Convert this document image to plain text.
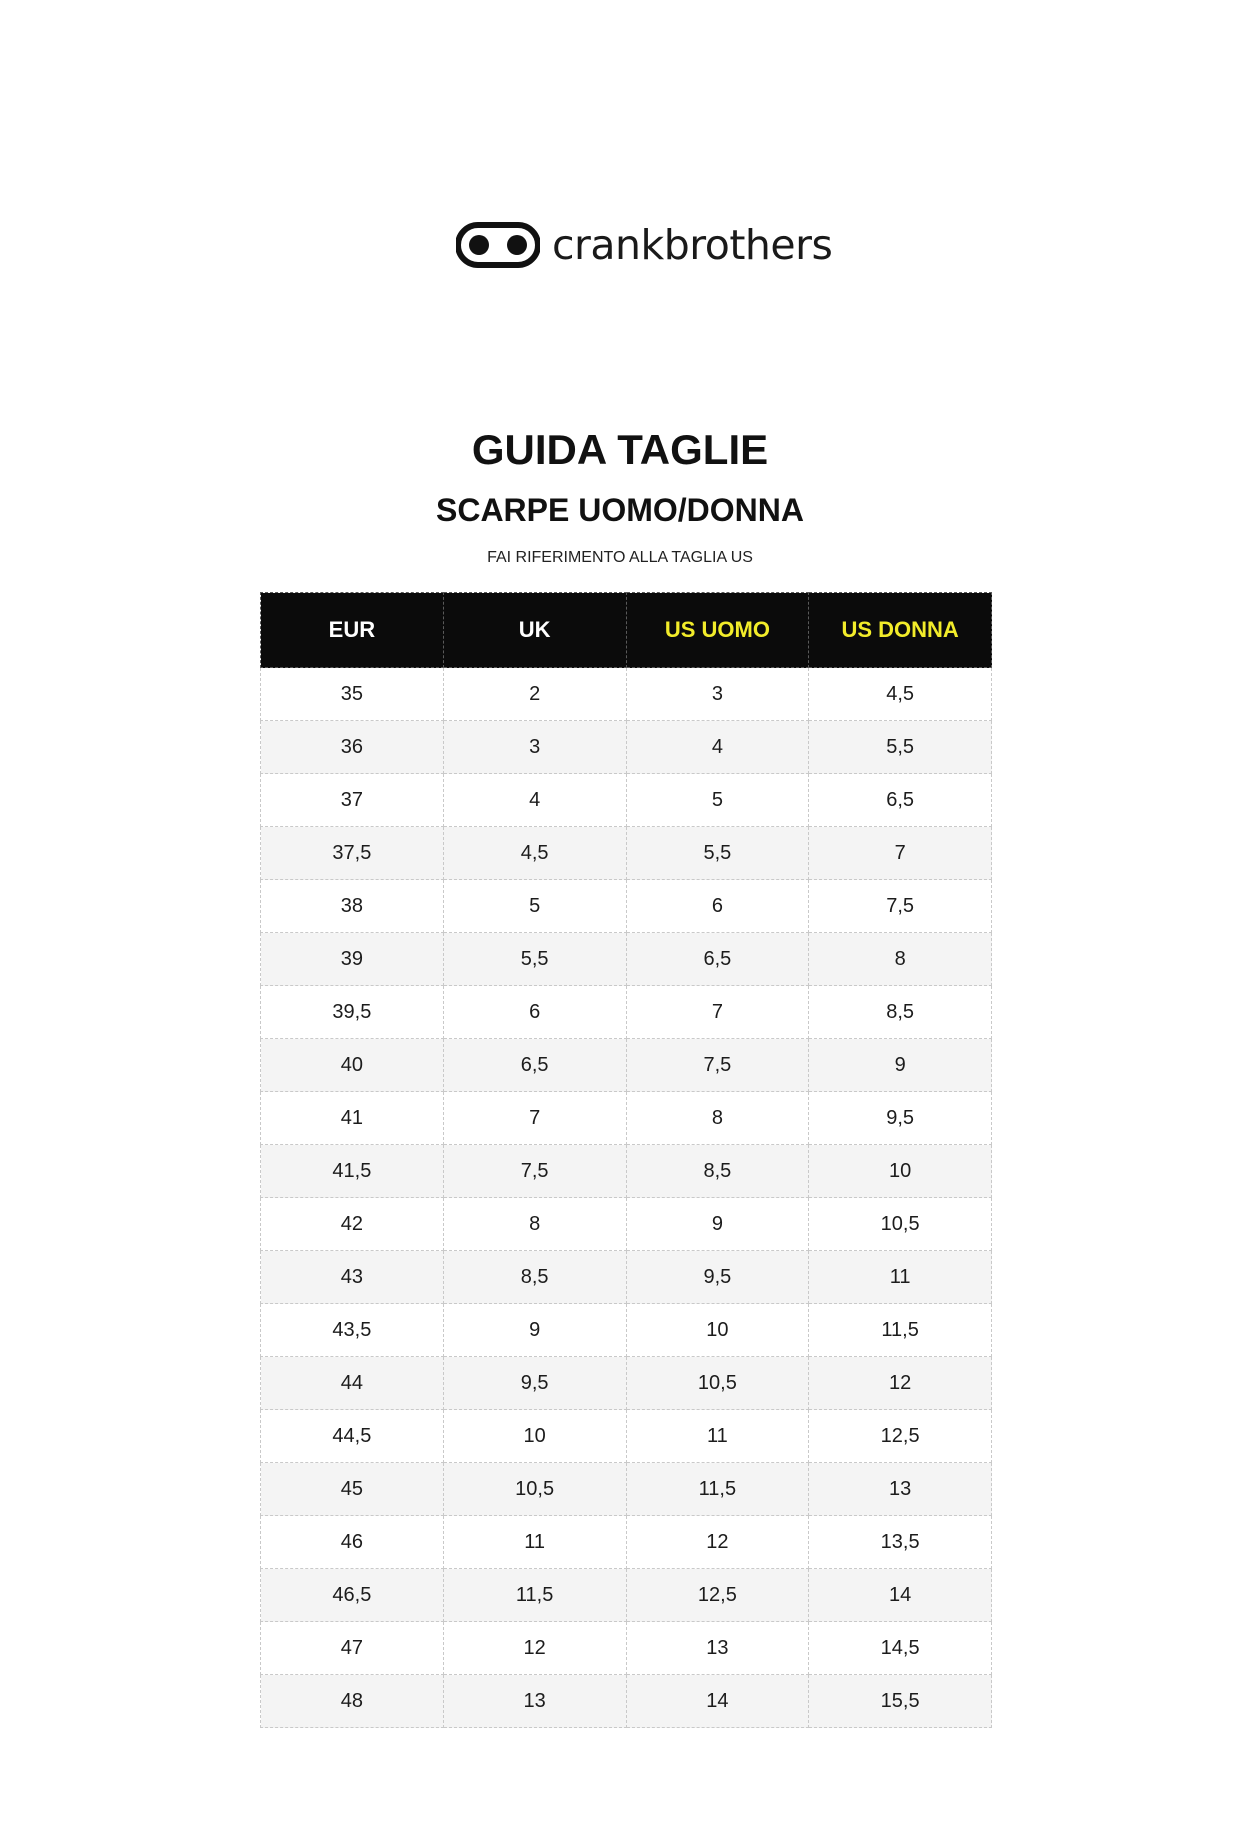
crankbrothers
GUIDA TAGLIE
SCARPE UOMO/DONNA
FAI RIFERIMENTO ALLA TAGLIA US
EUR	UK	US UOMO	US DONNA
35	2	3	4,5
36	3	4	5,5
37	4	5	6,5
37,5	4,5	5,5	7
38	5	6	7,5
39	5,5	6,5	8
39,5	6	7	8,5
40	6,5	7,5	9
41	7	8	9,5
41,5	7,5	8,5	10
42	8	9	10,5
43	8,5	9,5	11
43,5	9	10	11,5
44	9,5	10,5	12
44,5	10	11	12,5
45	10,5	11,5	13
46	11	12	13,5
46,5	11,5	12,5	14
47	12	13	14,5
48	13	14	15,5
